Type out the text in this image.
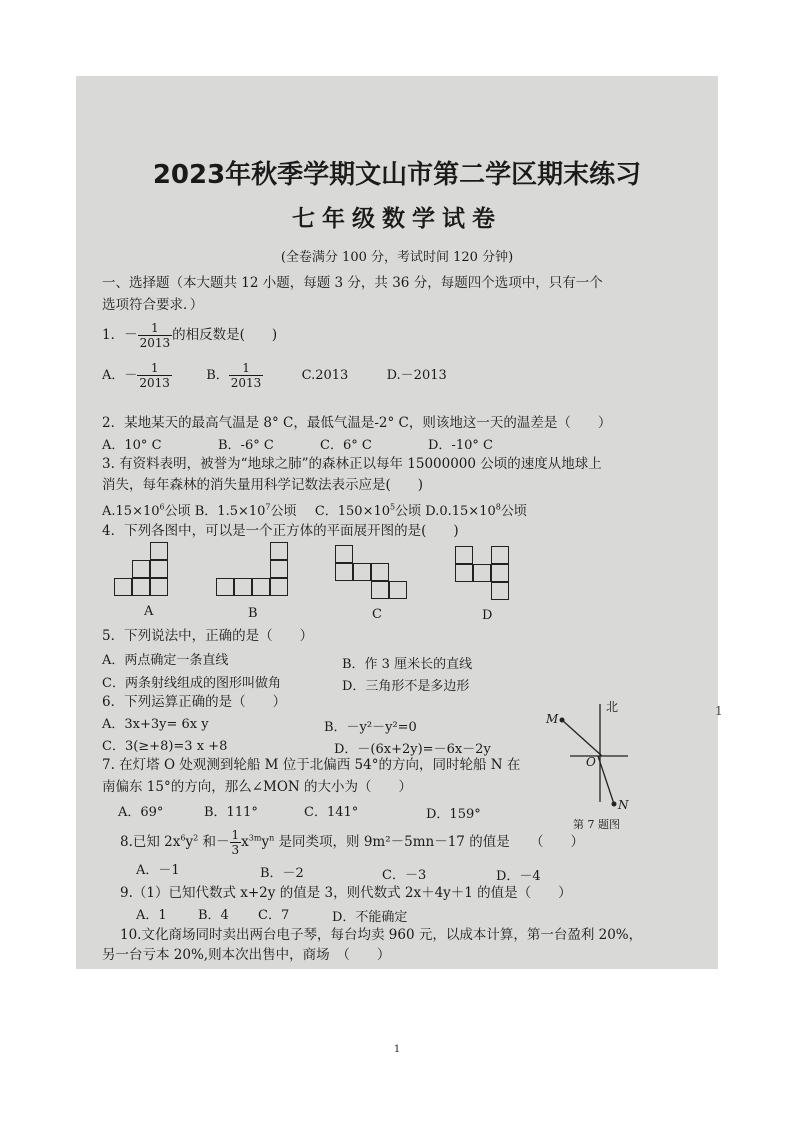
2023年秋季学期文山市第二学区期末练习
七年级数学试卷
(全卷满分 100 分，考试时间 120 分钟)
一、选择题（本大题共 12 小题，每题 3 分，共 36 分，每题四个选项中，只有一个
选项符合要求．）
1．－ $\frac{1}{2013}$ 的相反数是(　　)
A．－ $\frac{1}{2013}$	B． $\frac{1}{2013}$	C.2013	D.－2013
2．某地某天的最高气温是 8° C，最低气温是-2° C，则该地这一天的温差是（　　）
A．10° C	B．-6° C	C．6° C	D．-10° C
3. 有资料表明，被誉为“地球之肺”的森林正以每年 15000000 公顷的速度从地球上
消失，每年森林的消失量用科学记数法表示应是(　　)
$A.15\times 10^6$公顷 B．$1.5\times 10^7$公顷 C．$150\times 10^5$公顷 $D.0.15\times 10^8$公顷
4．下列各图中，可以是一个正方体的平面展开图的是(　　)
A	B	C	D
5．下列说法中，正确的是（　　）
A．两点确定一条直线	B．作 3 厘米长的直线
C．两条射线组成的图形叫做角	D．三角形不是多边形
6．下列运算正确的是（　　）
A．3x+3y= 6x y	B．－y²－y²=0
C．3(≥+8)=3 x +8	D．－(6x+2y)=－6x－2y
7. 在灯塔 O 处观测到轮船 M 位于北偏西 54°的方向，同时轮船 N 在
南偏东 15°的方向，那么∠MON 的大小为（　　）
A．69°	B．111°	C．141°	D．159°
北
M
O
N
第 7 题图
8.已知 $2x^6y^2$ 和－ $\frac{1}{3} x^{3m}y^n$ 是同类项，则 9m²－5mn－17 的值是　　（　　）
A．－1	B．－2	C．－3	D．－4
9.（1）已知代数式 x+2y 的值是 3，则代数式 2x＋4y＋1 的值是（　　）
A．1 B．4 C．7	D．不能确定
10.文化商场同时卖出两台电子琴，每台均卖 960 元，以成本计算，第一台盈利 20%，
另一台亏本 20%,则本次出售中，商场　（　　）
1
1
